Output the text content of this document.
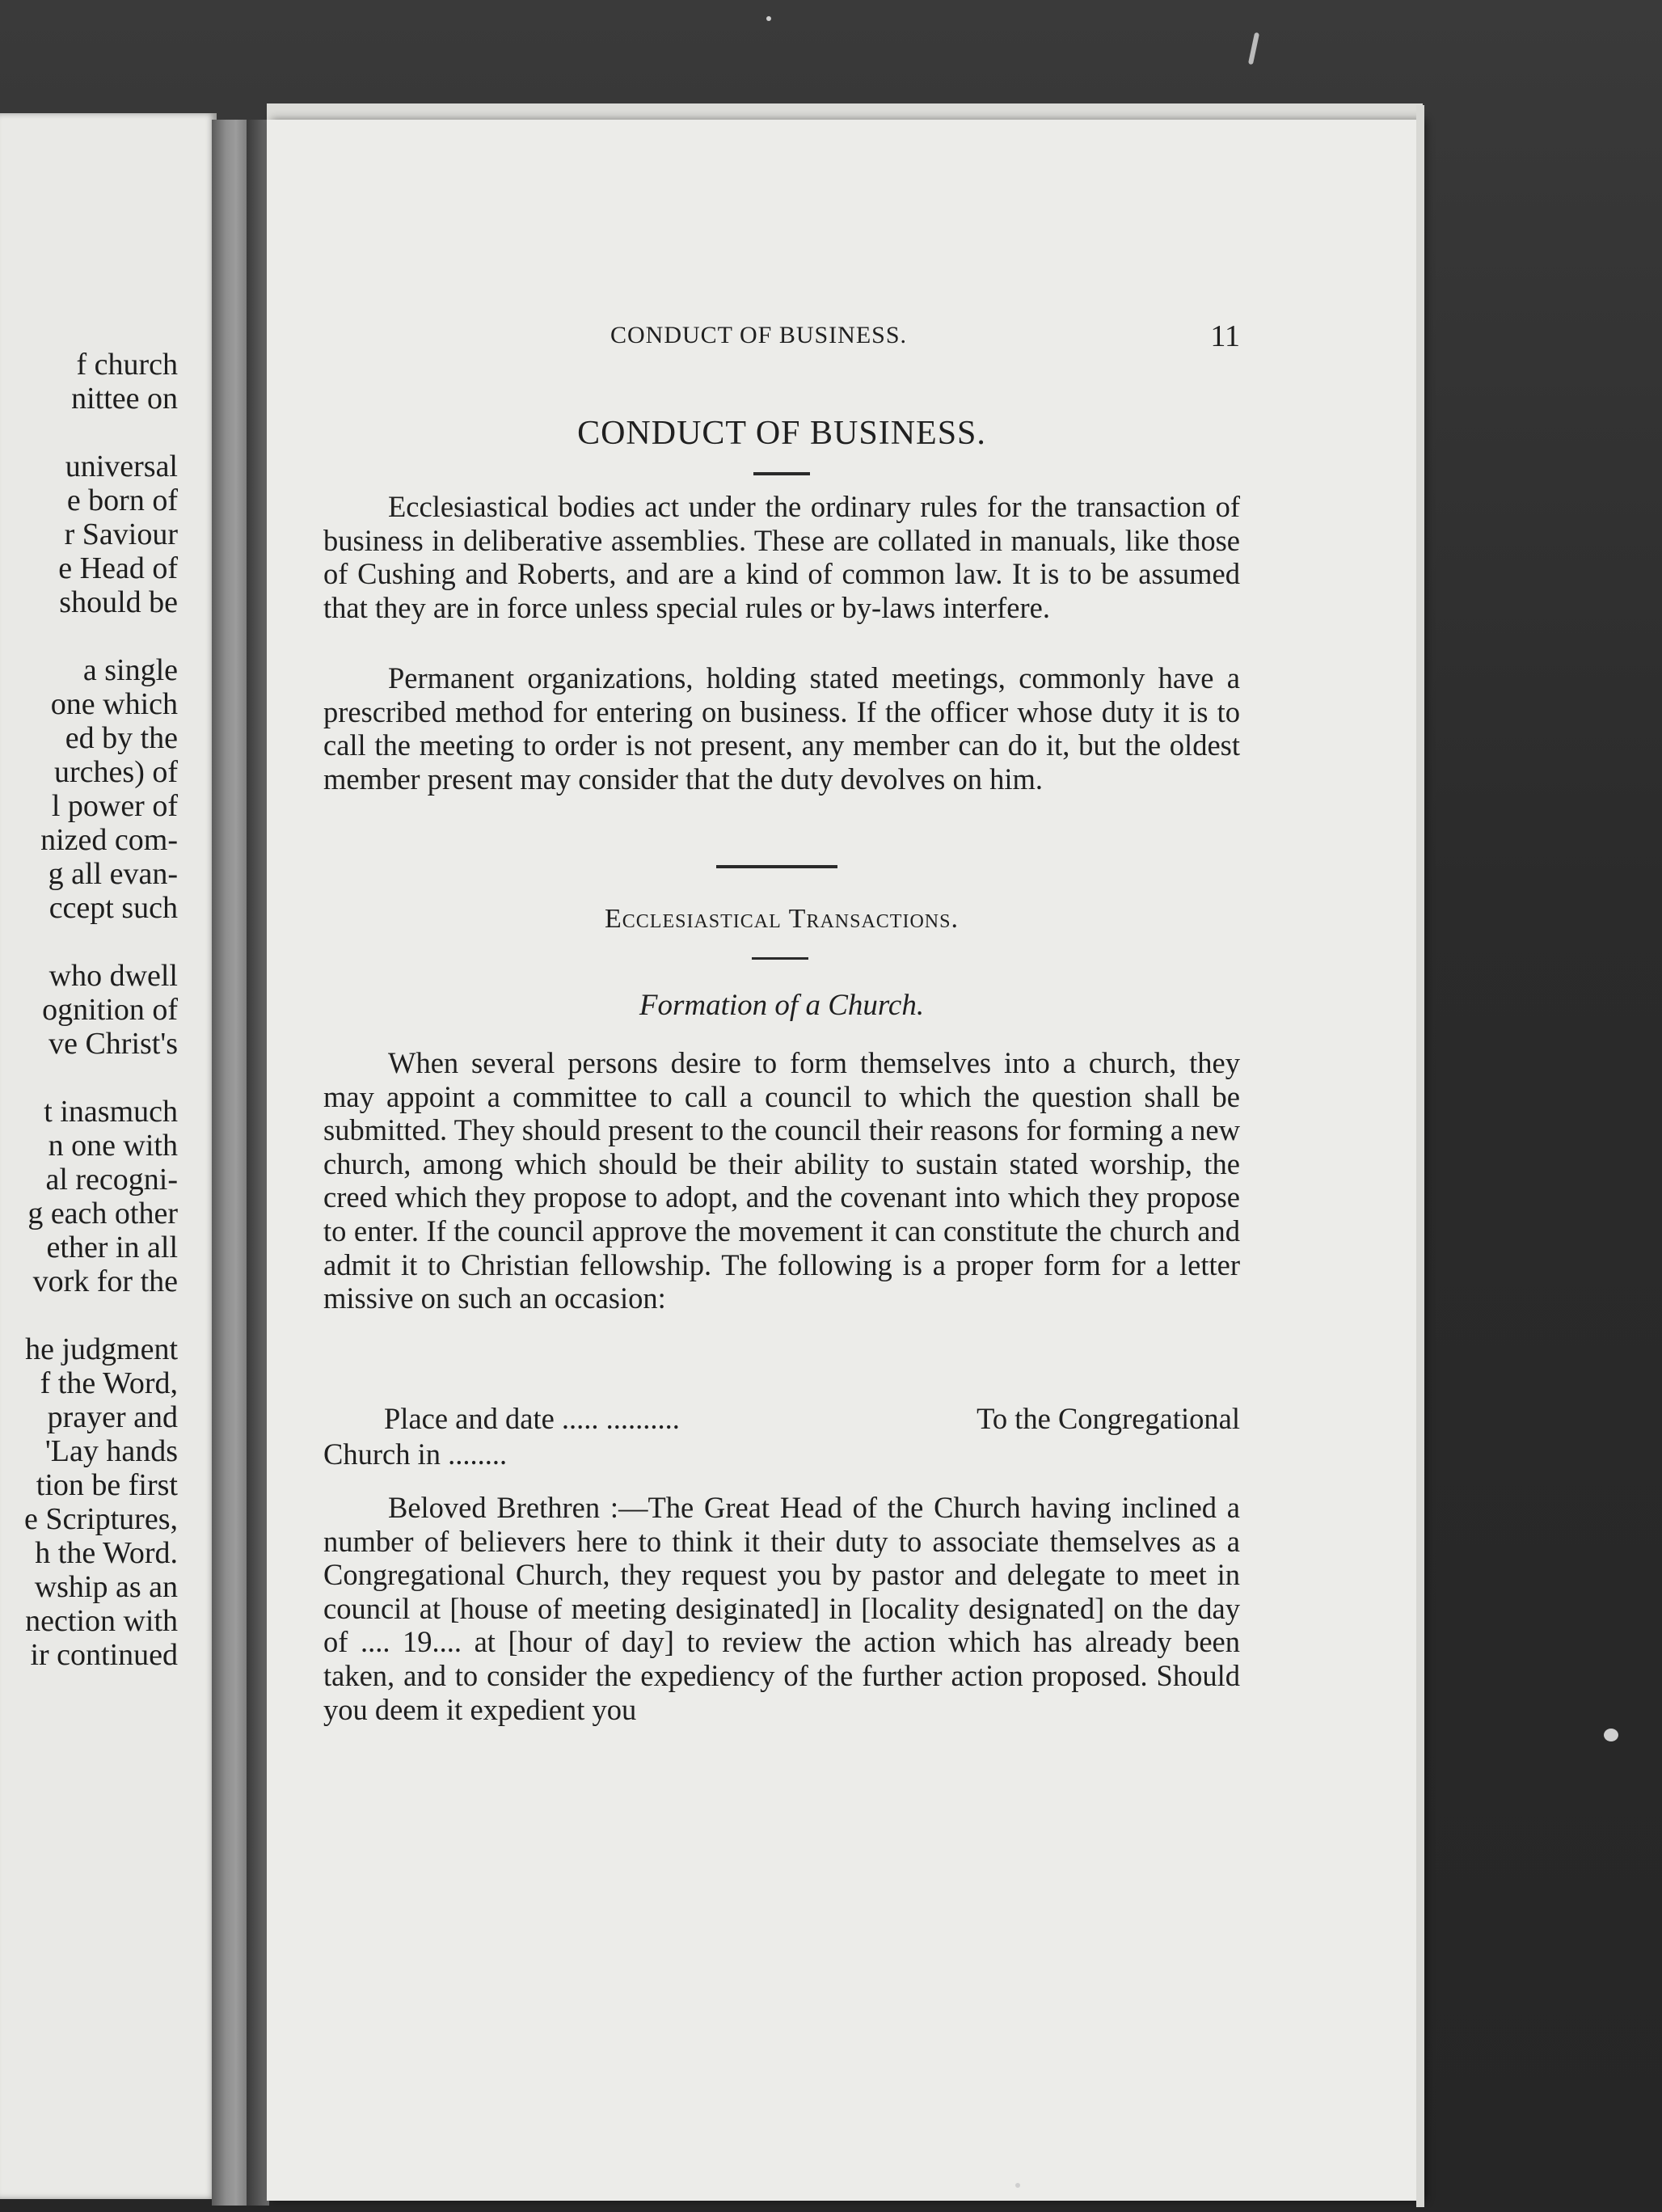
f church
nittee on
universal
e born of
r Saviour
e Head of
should be
a single
one which
ed by the
urches) of
l power of
nized com-
g all evan-
ccept such
who dwell
ognition of
ve Christ's
t inasmuch
n one with
al recogni-
g each other
ether in all
vork for the
he judgment
f the Word,
prayer and
'Lay hands
tion be first
e Scriptures,
h the Word.
wship as an
nection with
ir continued
CONDUCT OF BUSINESS.	11
CONDUCT OF BUSINESS.

Ecclesiastical bodies act under the ordinary rules for the transaction of business in deliberative assemblies. These are collated in manuals, like those of Cushing and Roberts, and are a kind of common law. It is to be assumed that they are in force unless special rules or by-laws interfere.

Permanent organizations, holding stated meetings, commonly have a prescribed method for entering on business. If the officer whose duty it is to call the meeting to order is not present, any member can do it, but the oldest member present may consider that the duty devolves on him.

Ecclesiastical Transactions.
Formation of a Church.

When several persons desire to form themselves into a church, they may appoint a committee to call a council to which the question shall be submitted. They should present to the council their reasons for forming a new church, among which should be their ability to sustain stated worship, the creed which they propose to adopt, and the covenant into which they propose to enter. If the council approve the movement it can constitute the church and admit it to Christian fellowship. The following is a proper form for a letter missive on such an occasion:

Place and date ..... ..........	To the Congregational
Church in ........

Beloved Brethren :—The Great Head of the Church having inclined a number of believers here to think it their duty to associate themselves as a Congregational Church, they request you by pastor and delegate to meet in council at [house of meeting desiginated] in [locality designated] on the day of .... 19.... at [hour of day] to review the action which has already been taken, and to consider the expediency of the further action proposed. Should you deem it expedient you
